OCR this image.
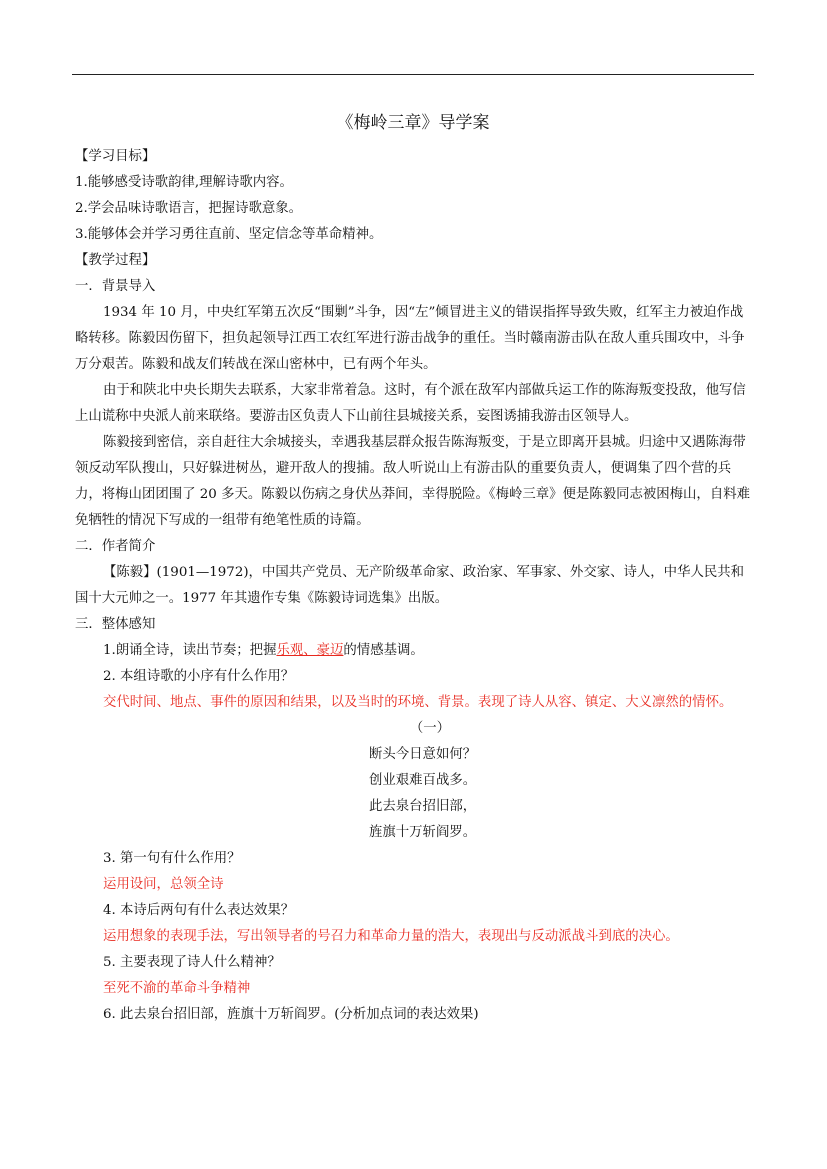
《梅岭三章》导学案

【学习目标】

1.能够感受诗歌韵律,理解诗歌内容。

2.学会品味诗歌语言，把握诗歌意象。

3.能够体会并学习勇往直前、坚定信念等革命精神。

【教学过程】

一．背景导入

1934 年 10 月，中央红军第五次反“围剿”斗争，因“左”倾冒进主义的错误指挥导致失败，红军主力被迫作战略转移。陈毅因伤留下，担负起领导江西工农红军进行游击战争的重任。当时赣南游击队在敌人重兵围攻中，斗争万分艰苦。陈毅和战友们转战在深山密林中，已有两个年头。

由于和陕北中央长期失去联系，大家非常着急。这时，有个派在敌军内部做兵运工作的陈海叛变投敌，他写信上山谎称中央派人前来联络。要游击区负责人下山前往县城接关系，妄图诱捕我游击区领导人。

陈毅接到密信，亲自赶往大余城接头，幸遇我基层群众报告陈海叛变，于是立即离开县城。归途中又遇陈海带领反动军队搜山，只好躲进树丛，避开敌人的搜捕。敌人听说山上有游击队的重要负责人，便调集了四个营的兵力，将梅山团团围了 20 多天。陈毅以伤病之身伏丛莽间，幸得脱险。《梅岭三章》便是陈毅同志被困梅山，自料难免牺牲的情况下写成的一组带有绝笔性质的诗篇。

二．作者简介

【陈毅】(1901—1972)，中国共产党员、无产阶级革命家、政治家、军事家、外交家、诗人，中华人民共和国十大元帅之一。1977 年其遗作专集《陈毅诗词选集》出版。

三．整体感知

1.朗诵全诗，读出节奏；把握乐观、豪迈的情感基调。

2. 本组诗歌的小序有什么作用？

交代时间、地点、事件的原因和结果，以及当时的环境、背景。表现了诗人从容、镇定、大义凛然的情怀。

（一）

断头今日意如何？

创业艰难百战多。

此去泉台招旧部，

旌旗十万斩阎罗。

3. 第一句有什么作用？

运用设问，总领全诗

4. 本诗后两句有什么表达效果？

运用想象的表现手法，写出领导者的号召力和革命力量的浩大，表现出与反动派战斗到底的决心。

5. 主要表现了诗人什么精神？

至死不渝的革命斗争精神

6. 此去泉台招旧部，旌旗十万斩阎罗。(分析加点词的表达效果)
